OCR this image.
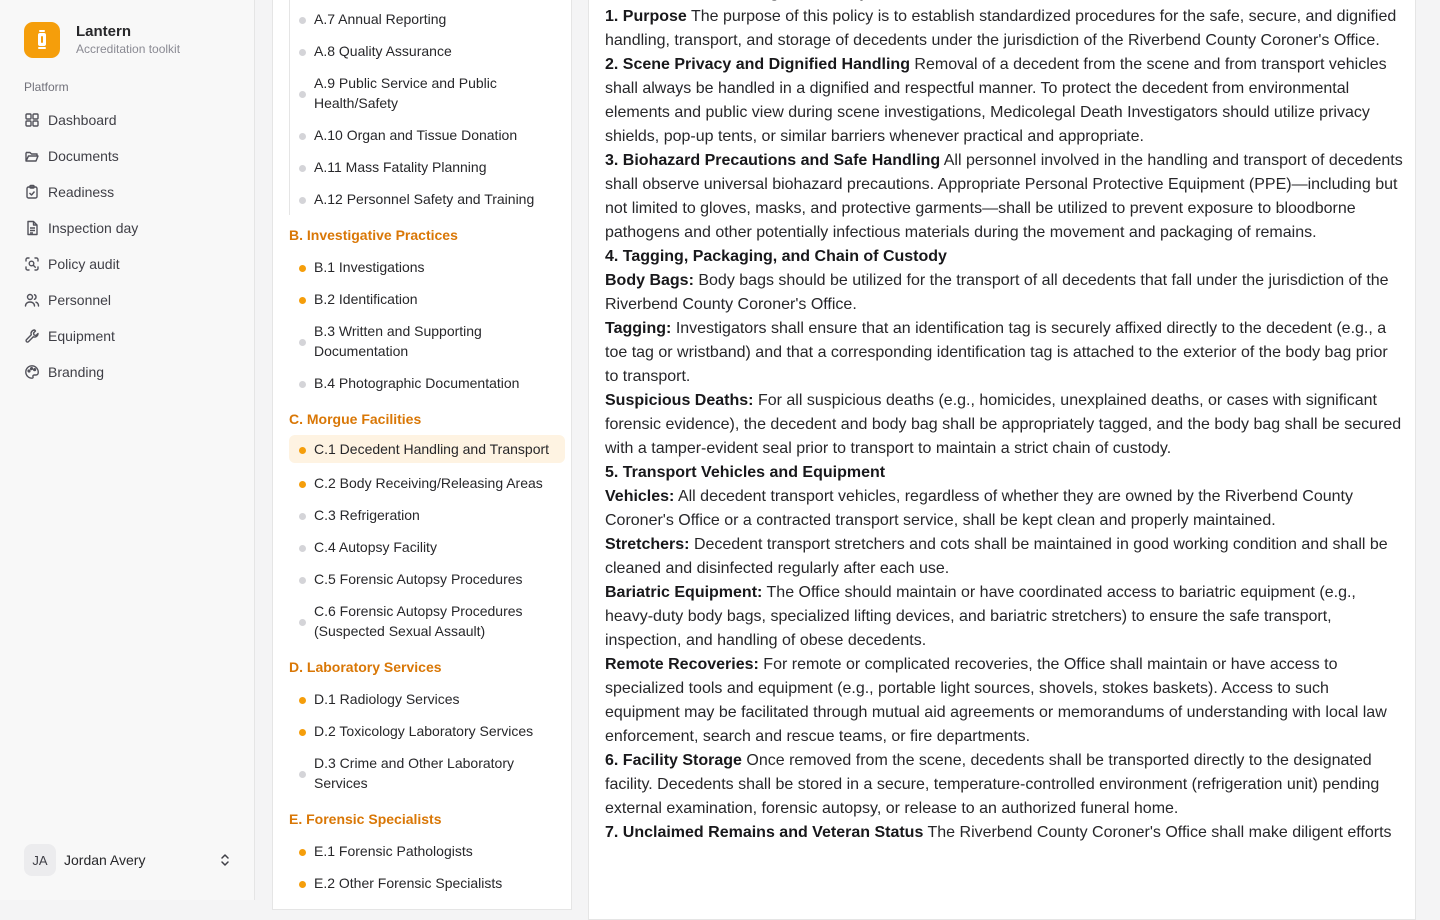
Lantern
Accreditation toolkit
Platform
Dashboard
Documents
Readiness
Inspection day
Policy audit
Personnel
Equipment
Branding
JA	Jordan Avery
A.7 Annual Reporting
A.8 Quality Assurance
A.9 Public Service and Public Health/Safety
A.10 Organ and Tissue Donation
A.11 Mass Fatality Planning
A.12 Personnel Safety and Training
B. Investigative Practices
B.1 Investigations
B.2 Identification
B.3 Written and Supporting Documentation
B.4 Photographic Documentation
C. Morgue Facilities
C.1 Decedent Handling and Transport
C.2 Body Receiving/Releasing Areas
C.3 Refrigeration
C.4 Autopsy Facility
C.5 Forensic Autopsy Procedures
C.6 Forensic Autopsy Procedures (Suspected Sexual Assault)
D. Laboratory Services
D.1 Radiology Services
D.2 Toxicology Laboratory Services
D.3 Crime and Other Laboratory Services
E. Forensic Specialists
E.1 Forensic Pathologists
E.2 Other Forensic Specialists

1. Purpose The purpose of this policy is to establish standardized procedures for the safe, secure, and dignified handling, transport, and storage of decedents under the jurisdiction of the Riverbend County Coroner's Office.

2. Scene Privacy and Dignified Handling Removal of a decedent from the scene and from transport vehicles shall always be handled in a dignified and respectful manner. To protect the decedent from environmental elements and public view during scene investigations, Medicolegal Death Investigators should utilize privacy shields, pop-up tents, or similar barriers whenever practical and appropriate.

3. Biohazard Precautions and Safe Handling All personnel involved in the handling and transport of decedents shall observe universal biohazard precautions. Appropriate Personal Protective Equipment (PPE)—including but not limited to gloves, masks, and protective garments—shall be utilized to prevent exposure to bloodborne pathogens and other potentially infectious materials during the movement and packaging of remains.

4. Tagging, Packaging, and Chain of Custody

Body Bags: Body bags should be utilized for the transport of all decedents that fall under the jurisdiction of the Riverbend County Coroner's Office.

Tagging: Investigators shall ensure that an identification tag is securely affixed directly to the decedent (e.g., a toe tag or wristband) and that a corresponding identification tag is attached to the exterior of the body bag prior to transport.

Suspicious Deaths: For all suspicious deaths (e.g., homicides, unexplained deaths, or cases with significant forensic evidence), the decedent and body bag shall be appropriately tagged, and the body bag shall be secured with a tamper-evident seal prior to transport to maintain a strict chain of custody.

5. Transport Vehicles and Equipment

Vehicles: All decedent transport vehicles, regardless of whether they are owned by the Riverbend County Coroner's Office or a contracted transport service, shall be kept clean and properly maintained.

Stretchers: Decedent transport stretchers and cots shall be maintained in good working condition and shall be cleaned and disinfected regularly after each use.

Bariatric Equipment: The Office should maintain or have coordinated access to bariatric equipment (e.g., heavy-duty body bags, specialized lifting devices, and bariatric stretchers) to ensure the safe transport, inspection, and handling of obese decedents.

Remote Recoveries: For remote or complicated recoveries, the Office shall maintain or have access to specialized tools and equipment (e.g., portable light sources, shovels, stokes baskets). Access to such equipment may be facilitated through mutual aid agreements or memorandums of understanding with local law enforcement, search and rescue teams, or fire departments.

6. Facility Storage Once removed from the scene, decedents shall be transported directly to the designated facility. Decedents shall be stored in a secure, temperature-controlled environment (refrigeration unit) pending external examination, forensic autopsy, or release to an authorized funeral home.

7. Unclaimed Remains and Veteran Status The Riverbend County Coroner's Office shall make diligent efforts
